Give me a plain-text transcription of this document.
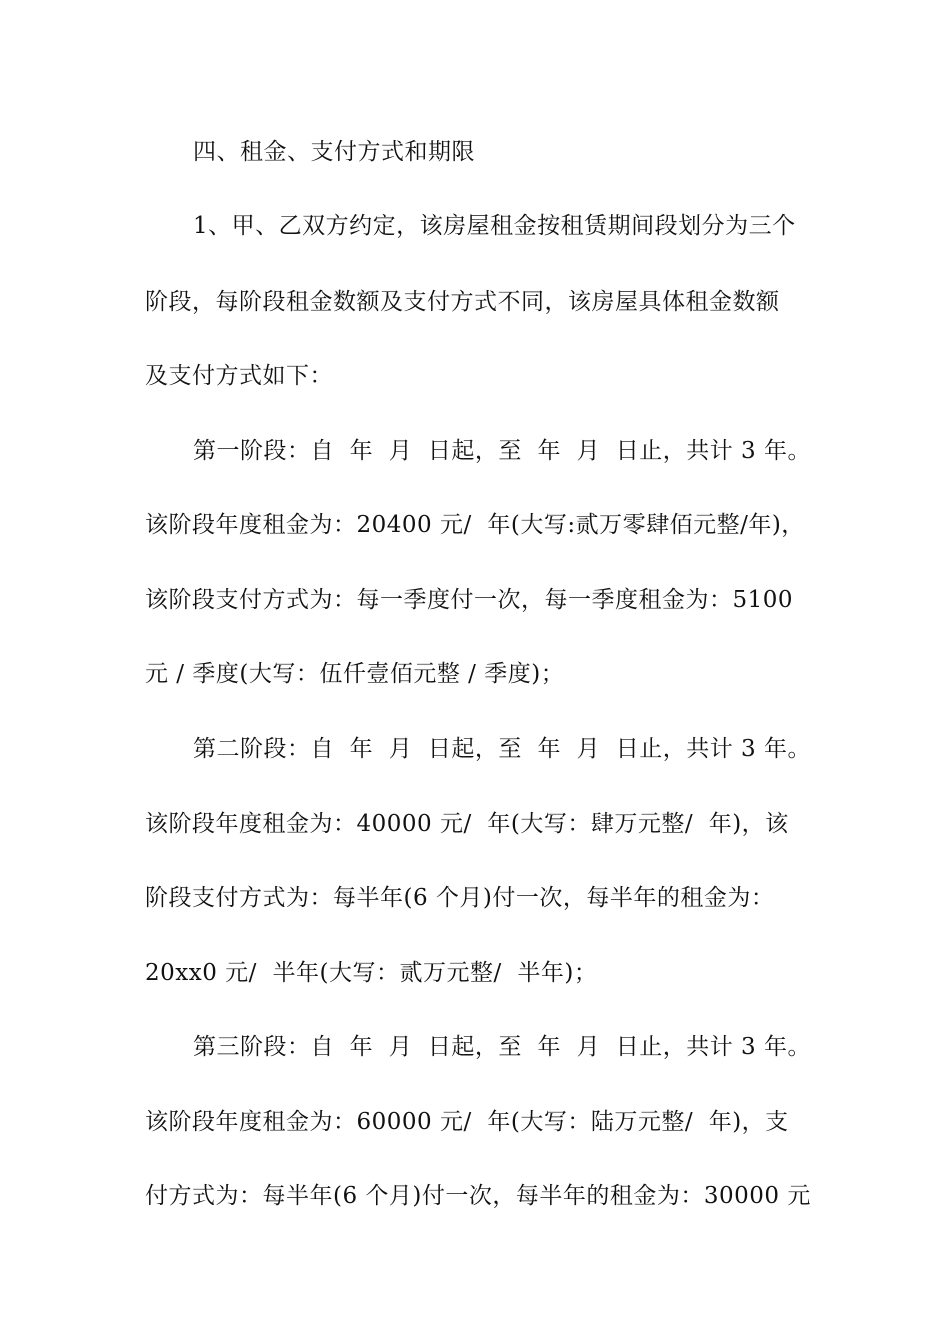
四、租金、支付方式和期限
1、甲、乙双方约定，该房屋租金按租赁期间段划分为三个
阶段，每阶段租金数额及支付方式不同，该房屋具体租金数额
及支付方式如下：
第一阶段：自  年  月  日起，至  年  月  日止，共计 3 年。
该阶段年度租金为：20400 元/  年(大写:贰万零肆佰元整/年)，
该阶段支付方式为：每一季度付一次，每一季度租金为：5100
元 / 季度(大写：伍仟壹佰元整 / 季度)；
第二阶段：自  年  月  日起，至  年  月  日止，共计 3 年。
该阶段年度租金为：40000 元/  年(大写：肆万元整/  年)，该
阶段支付方式为：每半年(6 个月)付一次，每半年的租金为：
20xx0 元/  半年(大写：贰万元整/  半年)；
第三阶段：自  年  月  日起，至  年  月  日止，共计 3 年。
该阶段年度租金为：60000 元/  年(大写：陆万元整/  年)，支
付方式为：每半年(6 个月)付一次，每半年的租金为：30000 元
